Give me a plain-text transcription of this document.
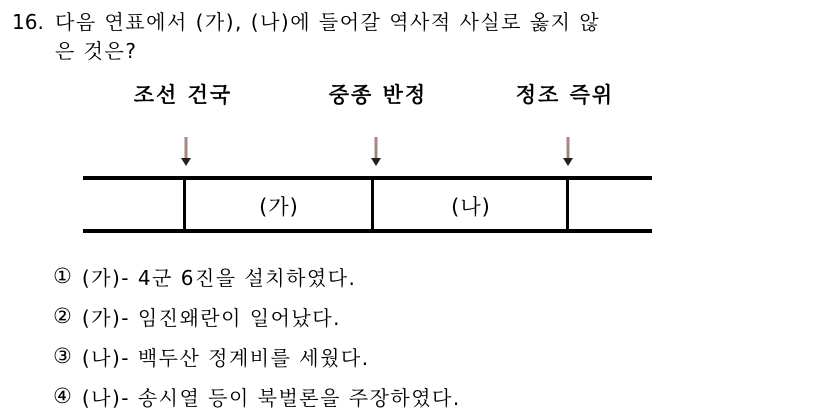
16. 다음 연표에서 (가), (나)에 들어갈 역사적 사실로 옳지 않
은 것은?
조선 건국	중종 반정	정조 즉위
(가)	(나)
① (가)- 4군 6진을 설치하였다.
② (가)- 임진왜란이 일어났다.
③ (나)- 백두산 정계비를 세웠다.
④ (나)- 송시열 등이 북벌론을 주장하였다.
